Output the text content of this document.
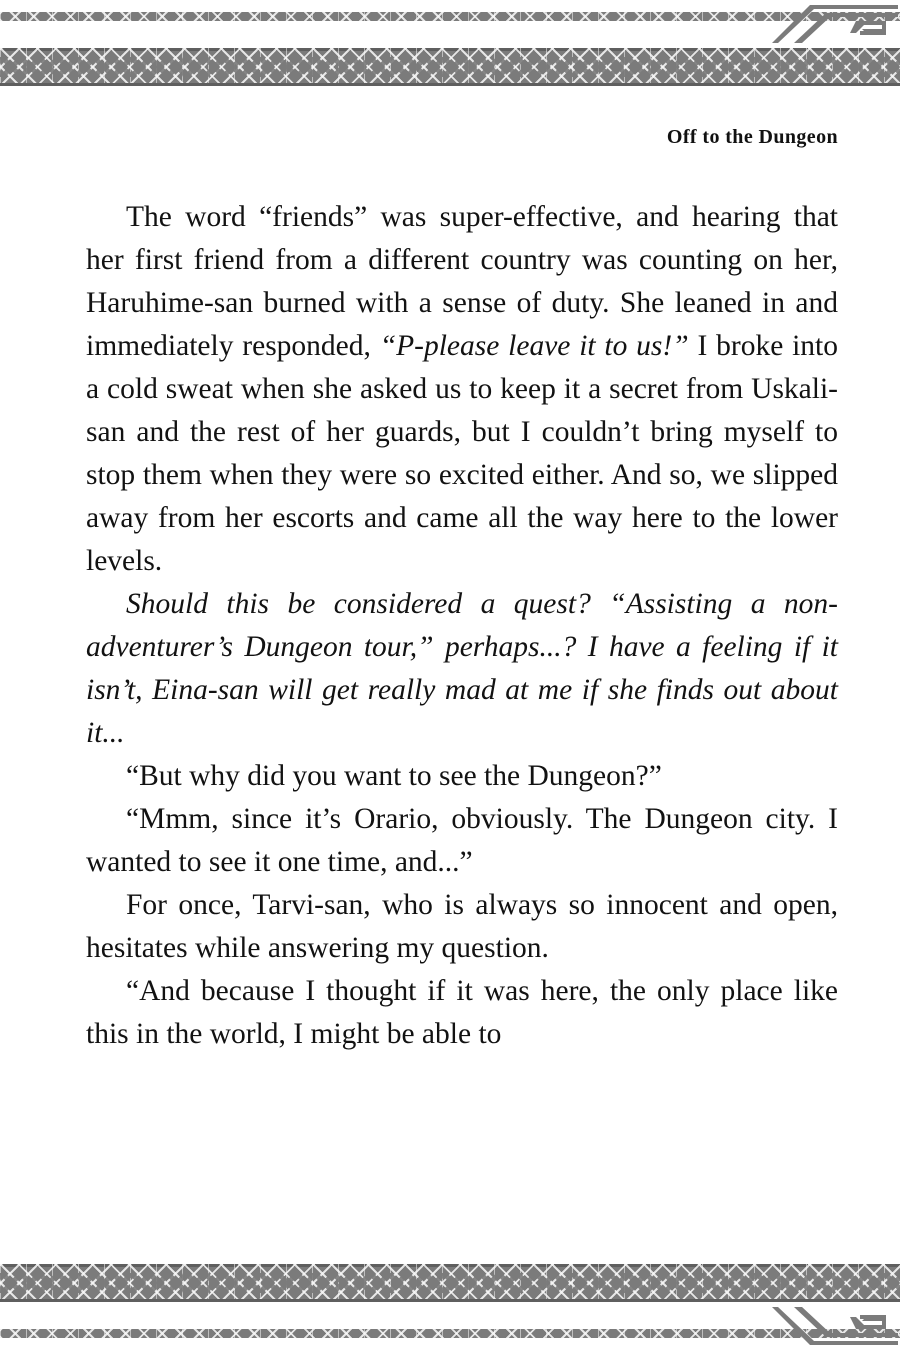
Off to the Dungeon

The word “friends” was super-effective, and hearing that her first friend from a different country was counting on her, Haruhime-san burned with a sense of duty. She leaned in and immediately responded, “P-please leave it to us!” I broke into a cold sweat when she asked us to keep it a secret from Uskali-san and the rest of her guards, but I couldn’t bring myself to stop them when they were so excited either. And so, we slipped away from her escorts and came all the way here to the lower levels.

Should this be considered a quest? “Assisting a non-adventurer’s Dungeon tour,” perhaps...? I have a feeling if it isn’t, Eina-san will get really mad at me if she finds out about it...

“But why did you want to see the Dungeon?”

“Mmm, since it’s Orario, obviously. The Dungeon city. I wanted to see it one time, and...”

For once, Tarvi-san, who is always so innocent and open, hesitates while answering my question.

“And because I thought if it was here, the only place like this in the world, I might be able to
